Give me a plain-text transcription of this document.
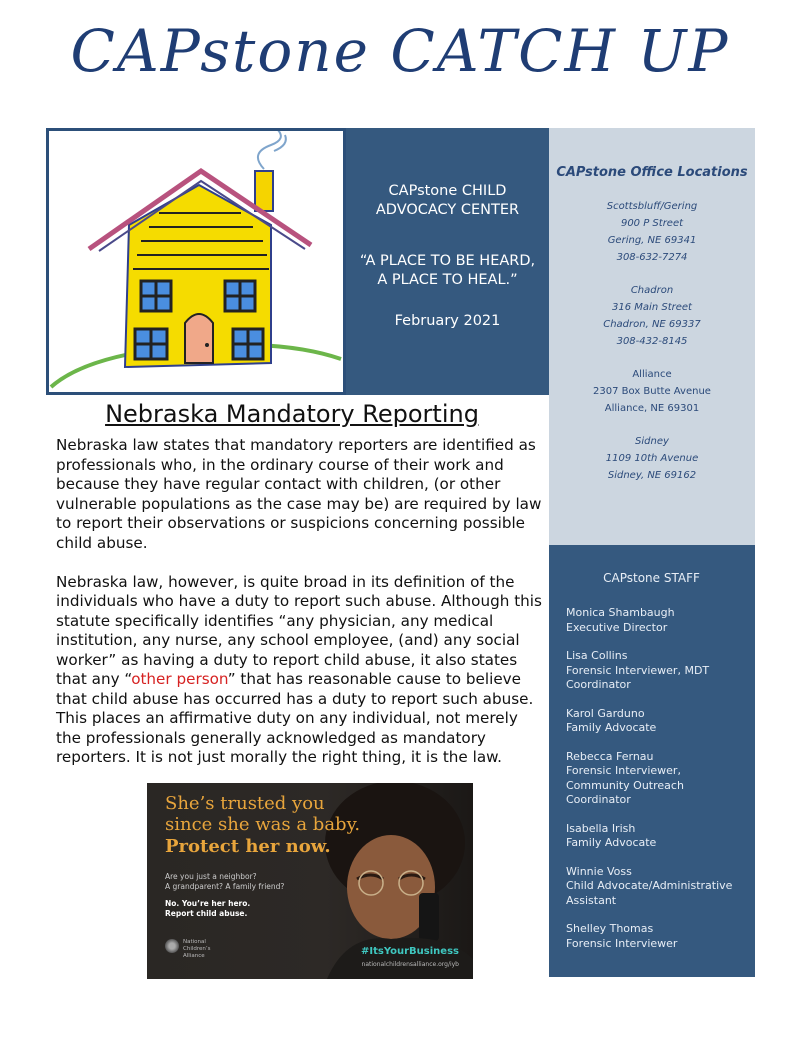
CAPstone CATCH UP
CAPstone CHILD
ADVOCACY CENTER
“A PLACE TO BE HEARD,
A PLACE TO HEAL.”
February 2021
CAPstone Office Locations
Scottsbluff/Gering
900 P Street
Gering, NE 69341
308-632-7274
Chadron
316 Main Street
Chadron, NE 69337
308-432-8145
Alliance
2307 Box Butte Avenue
Alliance, NE 69301
Sidney
1109 10th Avenue
Sidney, NE 69162
CAPstone STAFF
Monica Shambaugh
Executive Director
Lisa Collins
Forensic Interviewer, MDT
Coordinator
Karol Garduno
Family Advocate
Rebecca Fernau
Forensic Interviewer,
Community Outreach
Coordinator
Isabella Irish
Family Advocate
Winnie Voss
Child Advocate/Administrative
Assistant
Shelley Thomas
Forensic Interviewer
Nebraska Mandatory Reporting

Nebraska law states that mandatory reporters are identified as professionals who, in the ordinary course of their work and because they have regular contact with children, (or other vulnerable populations as the case may be) are required by law to report their observations or suspicions concerning possible child abuse.

Nebraska law, however, is quite broad in its definition of the individuals who have a duty to report such abuse. Although this statute specifically identifies “any physician, any medical institution, any nurse, any school employee, (and) any social worker” as having a duty to report child abuse, it also states that any “other person” that has reasonable cause to believe that child abuse has occurred has a duty to report such abuse. This places an affirmative duty on any individual, not merely the professionals generally acknowledged as mandatory reporters. It is not just morally the right thing, it is the law.

She’s trusted you
since she was a baby.
Protect her now.
Are you just a neighbor?
A grandparent? A family friend?
No. You’re her hero.
Report child abuse.
National
Children’s
Alliance	#ItsYourBusiness
nationalchildrensalliance.org/iyb
